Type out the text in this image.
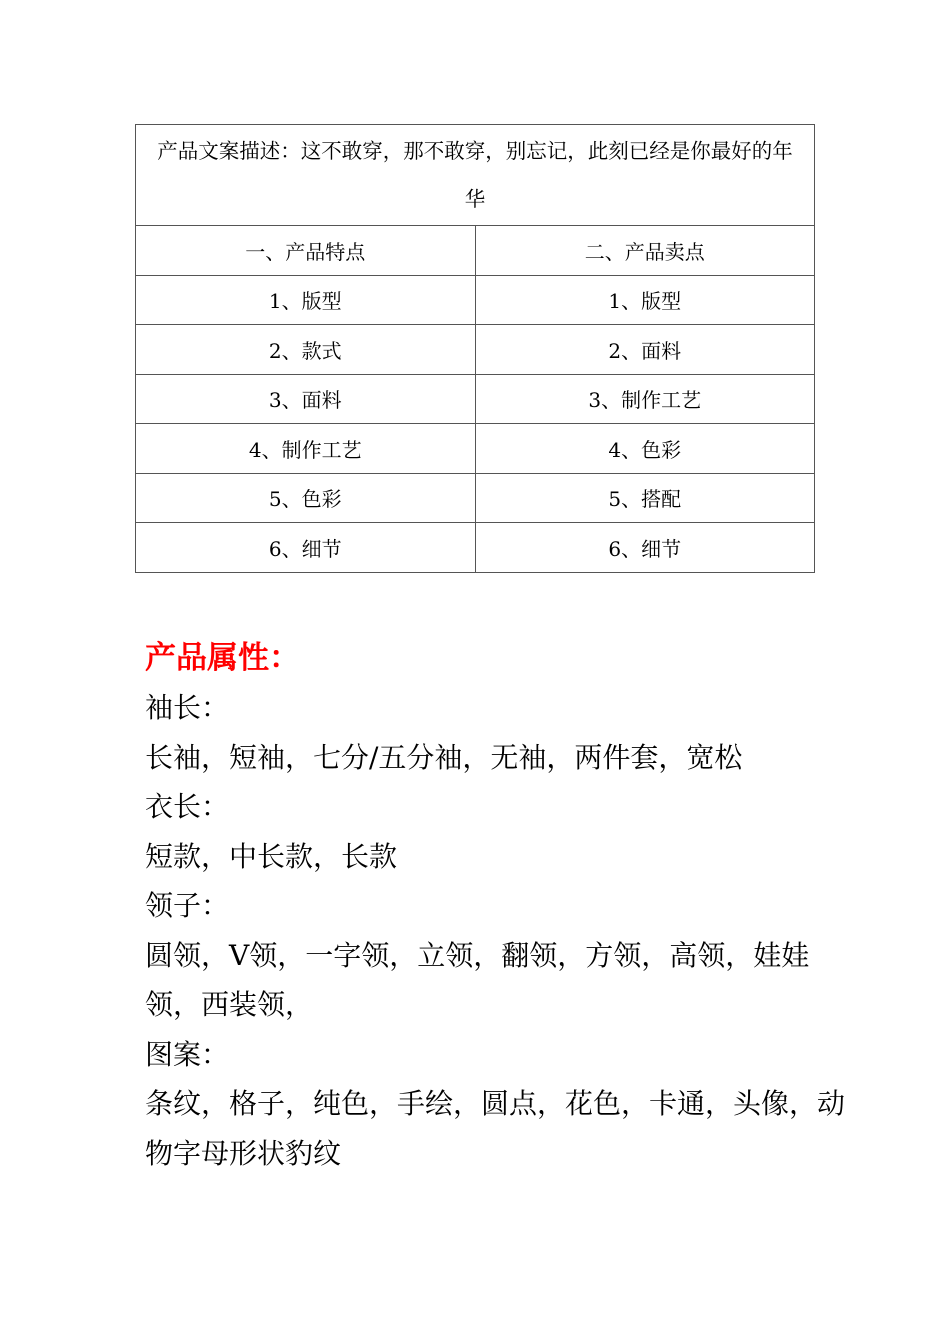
产品文案描述：这不敢穿，那不敢穿，别忘记，此刻已经是你最好的年华	
一、产品特点	二、产品卖点
1、版型	1、版型
2、款式	2、面料
3、面料	3、制作工艺
4、制作工艺	4、色彩
5、色彩	5、搭配
6、细节	6、细节

产品属性：

袖长：

长袖，短袖，七分/五分袖，无袖，两件套，宽松

衣长：

短款，中长款，长款

领子：

圆领，V领，一字领，立领，翻领，方领，高领，娃娃领，西装领，

图案：

条纹，格子，纯色，手绘，圆点，花色，卡通，头像，动物字母形状豹纹
